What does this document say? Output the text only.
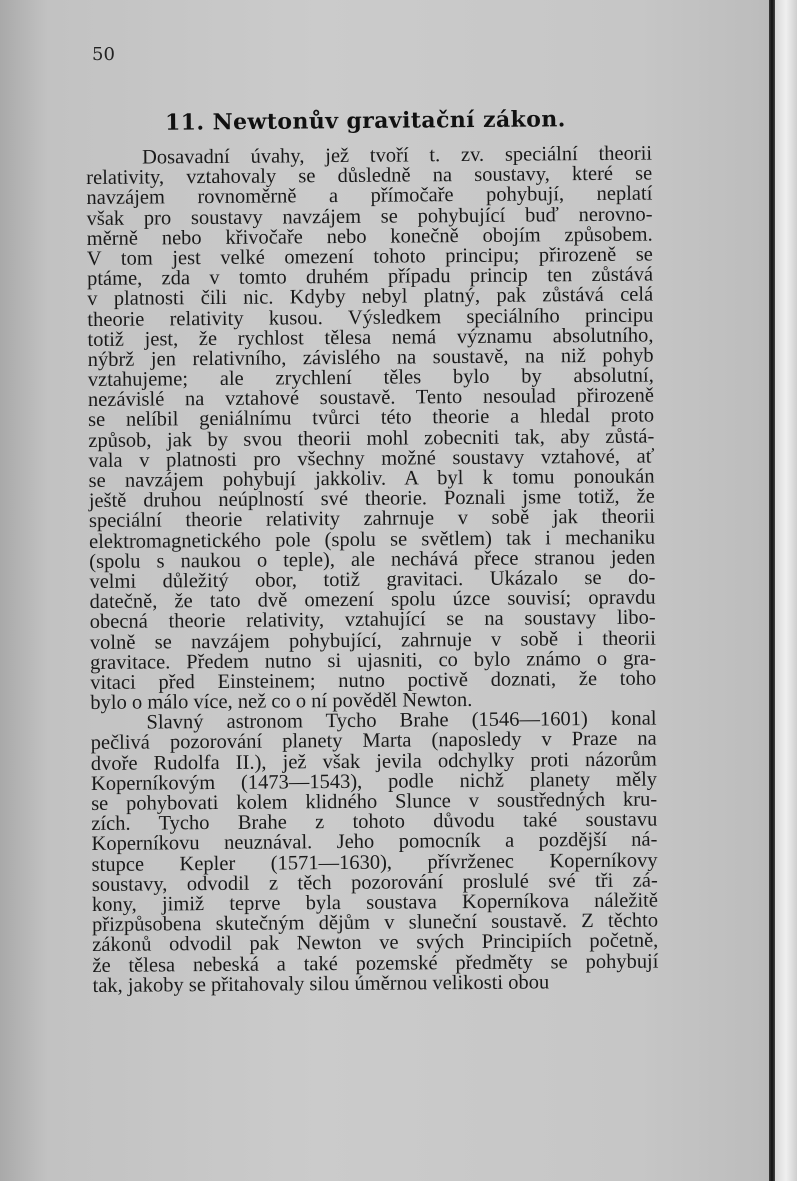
50
11. Newtonův gravitační zákon.
Dosavadní úvahy, jež tvoří t. zv. speciální theorii
relativity, vztahovaly se důsledně na soustavy, které se
navzájem rovnoměrně a přímočaře pohybují, neplatí
však pro soustavy navzájem se pohybující buď nerovno-
měrně nebo křivočaře nebo konečně obojím způsobem.
V tom jest velké omezení tohoto principu; přirozeně se
ptáme, zda v tomto druhém případu princip ten zůstává
v platnosti čili nic. Kdyby nebyl platný, pak zůstává celá
theorie relativity kusou. Výsledkem speciálního principu
totiž jest, že rychlost tělesa nemá významu absolutního,
nýbrž jen relativního, závislého na soustavě, na niž pohyb
vztahujeme; ale zrychlení těles bylo by absolutní,
nezávislé na vztahové soustavě. Tento nesoulad přirozeně
se nelíbil geniálnímu tvůrci této theorie a hledal proto
způsob, jak by svou theorii mohl zobecniti tak, aby zůstá-
vala v platnosti pro všechny možné soustavy vztahové, ať
se navzájem pohybují jakkoliv. A byl k tomu ponoukán
ještě druhou neúplností své theorie. Poznali jsme totiž, že
speciální theorie relativity zahrnuje v sobě jak theorii
elektromagnetického pole (spolu se světlem) tak i mechaniku
(spolu s naukou o teple), ale nechává přece stranou jeden
velmi důležitý obor, totiž gravitaci. Ukázalo se do-
datečně, že tato dvě omezení spolu úzce souvisí; opravdu
obecná theorie relativity, vztahující se na soustavy libo-
volně se navzájem pohybující, zahrnuje v sobě i theorii
gravitace. Předem nutno si ujasniti, co bylo známo o gra-
vitaci před Einsteinem; nutno poctivě doznati, že toho
bylo o málo více, než co o ní pověděl Newton.
Slavný astronom Tycho Brahe (1546—1601) konal
pečlivá pozorování planety Marta (naposledy v Praze na
dvoře Rudolfa II.), jež však jevila odchylky proti názorům
Koperníkovým (1473—1543), podle nichž planety měly
se pohybovati kolem klidného Slunce v soustředných kru-
zích. Tycho Brahe z tohoto důvodu také soustavu
Koperníkovu neuznával. Jeho pomocník a pozdější ná-
stupce Kepler (1571—1630), přívrženec Koperníkovy
soustavy, odvodil z těch pozorování proslulé své tři zá-
kony, jimiž teprve byla soustava Koperníkova náležitě
přizpůsobena skutečným dějům v sluneční soustavě. Z těchto
zákonů odvodil pak Newton ve svých Principiích početně,
že tělesa nebeská a také pozemské předměty se pohybují
tak, jakoby se přitahovaly silou úměrnou velikosti obou
